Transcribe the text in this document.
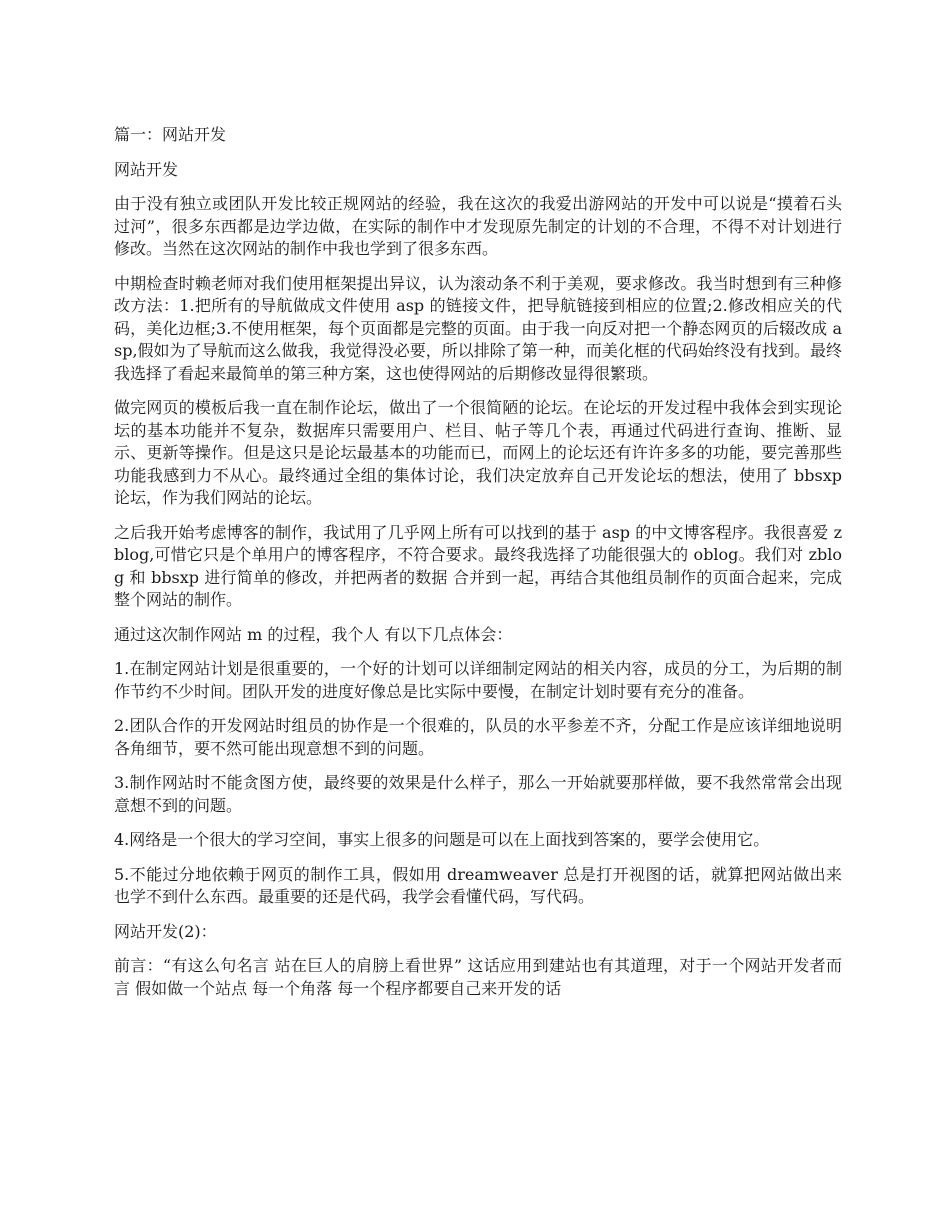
篇一：网站开发

网站开发

由于没有独立或团队开发比较正规网站的经验，我在这次的我爱出游网站的开发中可以说是“摸着石头过河”，很多东西都是边学边做，在实际的制作中才发现原先制定的计划的不合理，不得不对计划进行修改。当然在这次网站的制作中我也学到了很多东西。

中期检查时赖老师对我们使用框架提出异议，认为滚动条不利于美观，要求修改。我当时想到有三种修改方法：1.把所有的导航做成文件使用 asp 的链接文件，把导航链接到相应的位置;2.修改相应关的代码，美化边框;3.不使用框架，每个页面都是完整的页面。由于我一向反对把一个静态网页的后辍改成 asp,假如为了导航而这么做我，我觉得没必要，所以排除了第一种，而美化框的代码始终没有找到。最终我选择了看起来最简单的第三种方案，这也使得网站的后期修改显得很繁琐。

做完网页的模板后我一直在制作论坛，做出了一个很简陋的论坛。在论坛的开发过程中我体会到实现论坛的基本功能并不复杂，数据库只需要用户、栏目、帖子等几个表，再通过代码进行查询、推断、显示、更新等操作。但是这只是论坛最基本的功能而已，而网上的论坛还有许许多多的功能，要完善那些功能我感到力不从心。最终通过全组的集体讨论，我们决定放弃自己开发论坛的想法，使用了 bbsxp 论坛，作为我们网站的论坛。

之后我开始考虑博客的制作，我试用了几乎网上所有可以找到的基于 asp 的中文博客程序。我很喜爱 zblog,可惜它只是个单用户的博客程序，不符合要求。最终我选择了功能很强大的 oblog。我们对 zblog 和 bbsxp 进行简单的修改，并把两者的数据 合并到一起，再结合其他组员制作的页面合起来，完成整个网站的制作。

通过这次制作网站 m 的过程，我个人 有以下几点体会：

1.在制定网站计划是很重要的，一个好的计划可以详细制定网站的相关内容，成员的分工，为后期的制作节约不少时间。团队开发的进度好像总是比实际中要慢，在制定计划时要有充分的准备。

2.团队合作的开发网站时组员的协作是一个很难的，队员的水平参差不齐，分配工作是应该详细地说明各角细节，要不然可能出现意想不到的问题。

3.制作网站时不能贪图方使，最终要的效果是什么样子，那么一开始就要那样做，要不我然常常会出现意想不到的问题。

4.网络是一个很大的学习空间，事实上很多的问题是可以在上面找到答案的，要学会使用它。

5.不能过分地依赖于网页的制作工具，假如用 dreamweaver 总是打开视图的话，就算把网站做出来也学不到什么东西。最重要的还是代码，我学会看懂代码，写代码。

网站开发(2)：

前言：“有这么句名言 站在巨人的肩膀上看世界” 这话应用到建站也有其道理，对于一个网站开发者而言 假如做一个站点 每一个角落 每一个程序都要自己来开发的话
